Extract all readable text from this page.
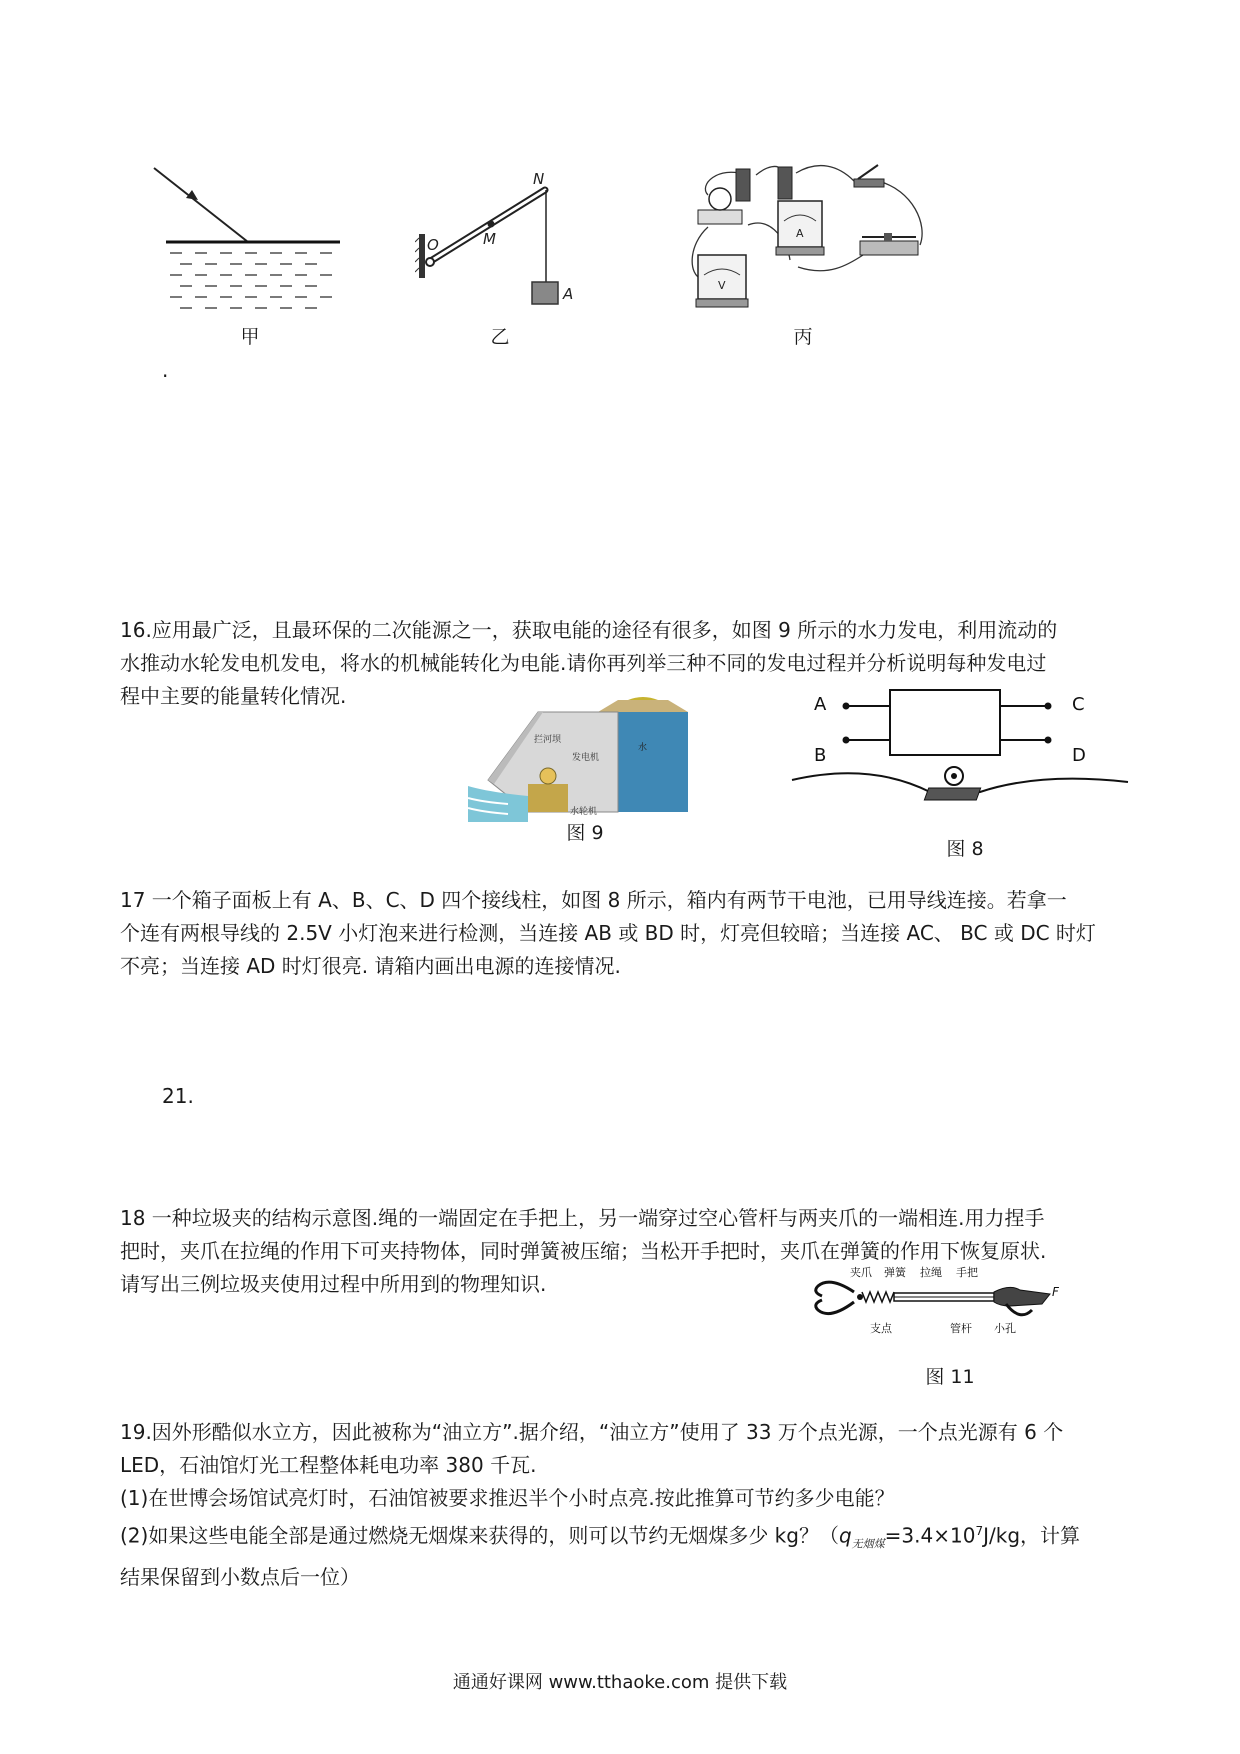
甲
N
O	M
A
乙
A
V
丙
.

16.应用最广泛，且最环保的二次能源之一，获取电能的途径有很多，如图 9 所示的水力发电，利用流动的

水推动水轮发电机发电，将水的机械能转化为电能.请你再列举三种不同的发电过程并分析说明每种发电过

程中主要的能量转化情况.

拦河坝
发电机
水
水轮机
图 9
A
B
C
D
图 8

17 一个箱子面板上有 A、B、C、D 四个接线柱，如图 8 所示，箱内有两节干电池，已用导线连接。若拿一

个连有两根导线的 2.5V 小灯泡来进行检测，当连接 AB 或 BD 时，灯亮但较暗；当连接 AC、 BC 或 DC 时灯

不亮；当连接 AD 时灯很亮. 请箱内画出电源的连接情况.

21.

18 一种垃圾夹的结构示意图.绳的一端固定在手把上，另一端穿过空心管杆与两夹爪的一端相连.用力捏手

把时，夹爪在拉绳的作用下可夹持物体，同时弹簧被压缩；当松开手把时，夹爪在弹簧的作用下恢复原状.

请写出三例垃圾夹使用过程中所用到的物理知识.	夹爪 弹簧 拉绳 手把
支点	管杆 小孔
F
图 11

19.因外形酷似水立方，因此被称为“油立方”.据介绍，“油立方”使用了 33 万个点光源，一个点光源有 6 个

LED，石油馆灯光工程整体耗电功率 380 千瓦.

(1)在世博会场馆试亮灯时，石油馆被要求推迟半个小时点亮.按此推算可节约多少电能？

(2)如果这些电能全部是通过燃烧无烟煤来获得的，则可以节约无烟煤多少 kg？（$q_{无烟煤}=3.4\times 10^7J/kg$，计算

结果保留到小数点后一位）

通通好课网 www.tthaoke.com 提供下载
